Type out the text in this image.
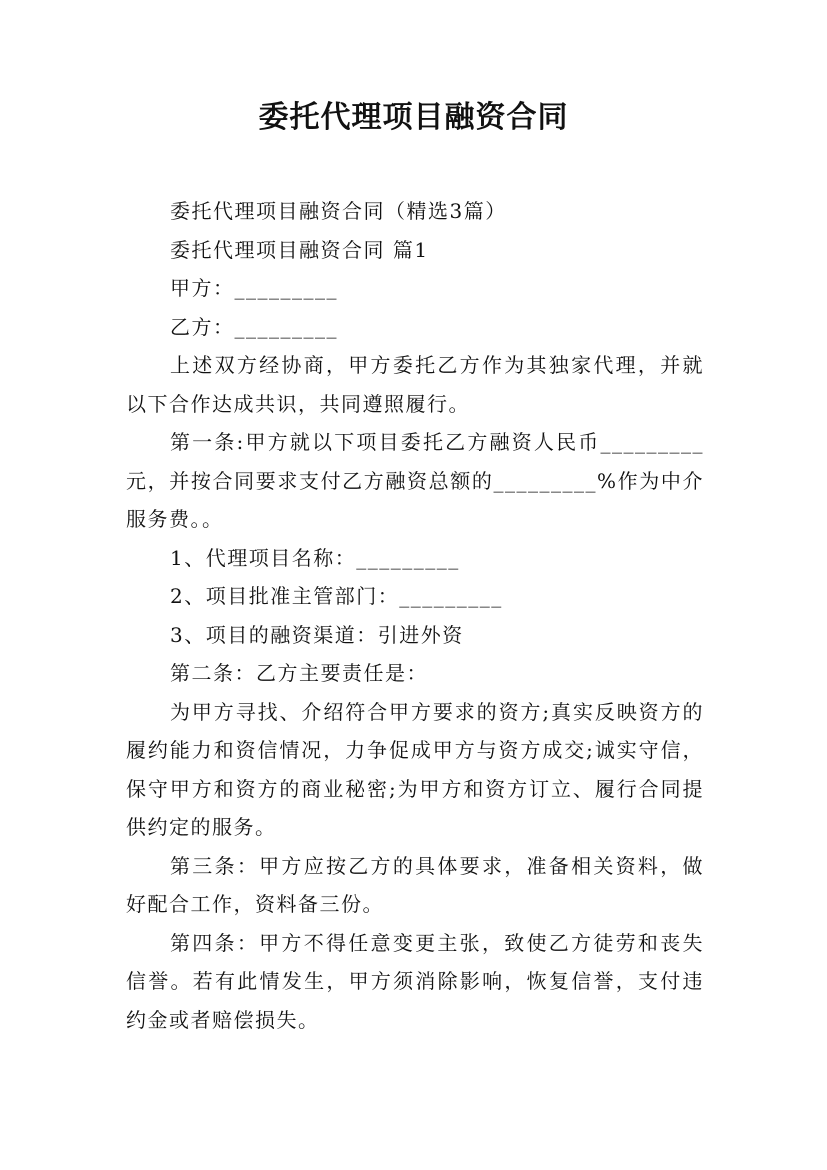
委托代理项目融资合同

委托代理项目融资合同（精选3篇）

委托代理项目融资合同 篇1

甲方：_________

乙方：_________

上述双方经协商，甲方委托乙方作为其独家代理，并就以下合作达成共识，共同遵照履行。

第一条:甲方就以下项目委托乙方融资人民币_________元，并按合同要求支付乙方融资总额的_________%作为中介服务费。。

1、代理项目名称：_________

2、项目批准主管部门：_________

3、项目的融资渠道：引进外资

第二条：乙方主要责任是：

为甲方寻找、介绍符合甲方要求的资方;真实反映资方的履约能力和资信情况，力争促成甲方与资方成交;诚实守信，保守甲方和资方的商业秘密;为甲方和资方订立、履行合同提供约定的服务。

第三条：甲方应按乙方的具体要求，准备相关资料，做好配合工作，资料备三份。

第四条：甲方不得任意变更主张，致使乙方徒劳和丧失信誉。若有此情发生，甲方须消除影响，恢复信誉，支付违约金或者赔偿损失。
